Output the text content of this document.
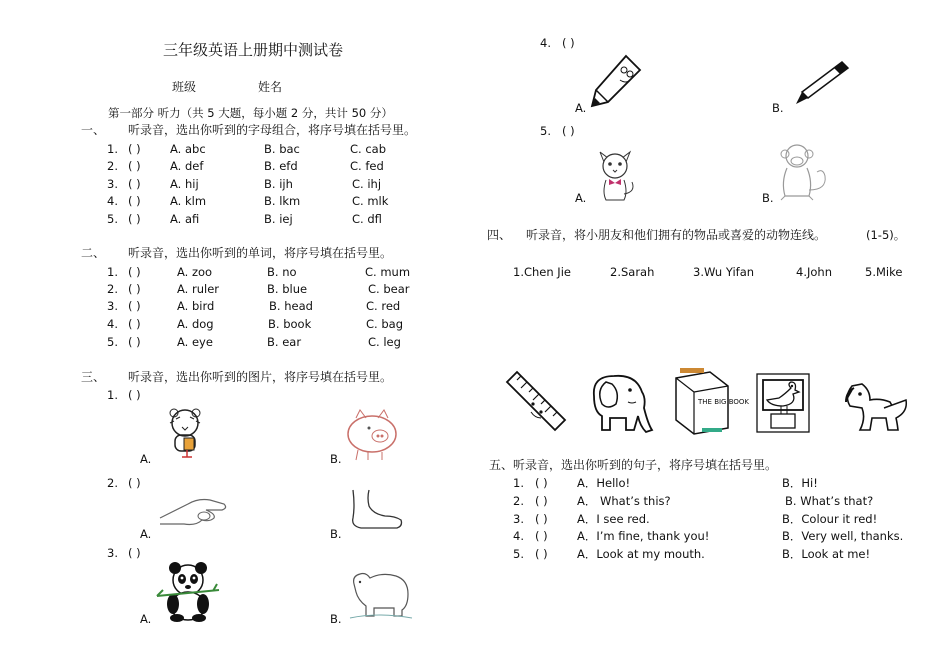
三年级英语上册期中测试卷
班级	姓名
第一部分 听力（共 5 大题，每小题 2 分，共计 50 分）
一、 听录音，选出你听到的字母组合，将序号填在括号里。
1. ( )	A. abc	B. bac	C. cab
2. ( )	A. def	B. efd	C. fed
3. ( )	A. hij	B. ijh	C. ihj
4. ( )	A. klm	B. lkm	C. mlk
5. ( )	A. afi	B. iej	C. dfl
二、 听录音，选出你听到的单词，将序号填在括号里。
1. ( )	A. zoo	B. no	C. mum
2. ( )	A. ruler	B. blue	C. bear
3. ( )	A. bird	B. head	C. red
4. ( )	A. dog	B. book	C. bag
5. ( )	A. eye	B. ear	C. leg
三、 听录音，选出你听到的图片，将序号填在括号里。
1. ( )
A.	B.
2. ( )
A.	B.
3. ( )
A.	B.
4. ( )
A.	B.
5. ( )
A.	B.
四、 听录音，将小朋友和他们拥有的物品或喜爱的动物连线。	(1-5)。
1.Chen Jie	2.Sarah	3.Wu Yifan	4.John	5.Mike
THE BIG BOOK
五、听录音，选出你听到的句子，将序号填在括号里。
1. ( )	A．Hello!	B．Hi!
2. ( )	A． What’s this?	B. What’s that?
3. ( )	A．I see red.	B．Colour it red!
4. ( )	A．I’m fine, thank you!	B．Very well, thanks.
5. ( )	A．Look at my mouth.	B．Look at me!
